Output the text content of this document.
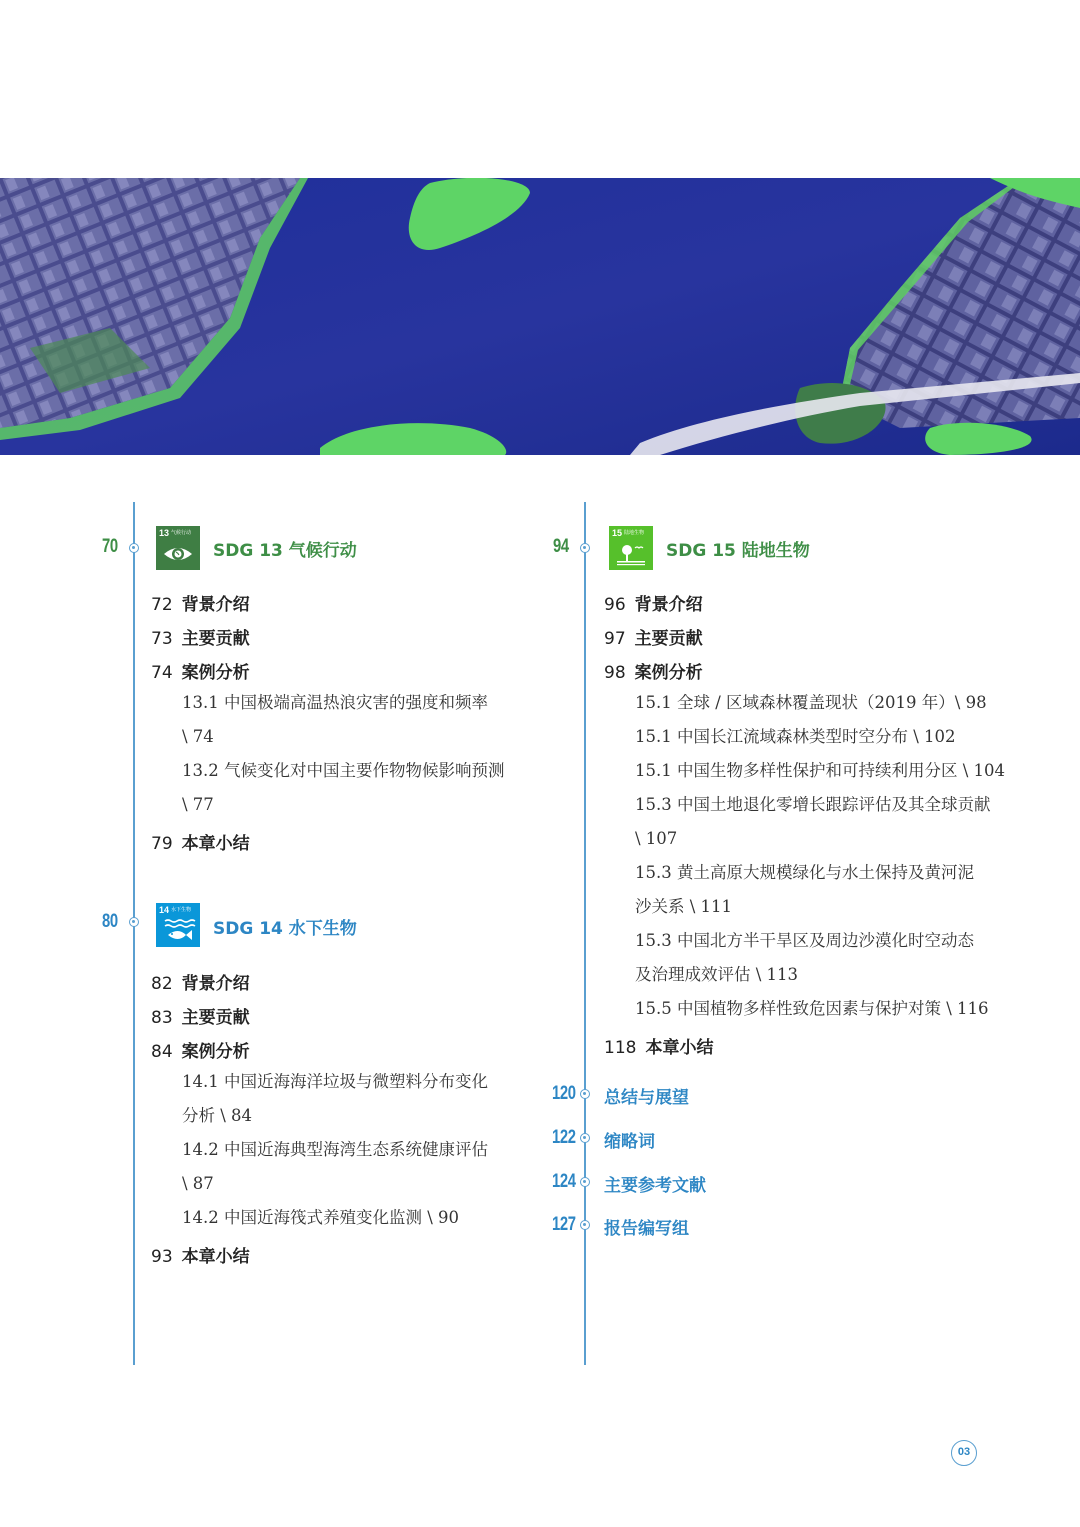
70
13 气候行动
SDG 13 气候行动
72 背景介绍
73 主要贡献
74 案例分析
13.1 中国极端高温热浪灾害的强度和频率
\ 74
13.2 气候变化对中国主要作物物候影响预测
\ 77
79 本章小结
80
14 水下生物
SDG 14 水下生物
82 背景介绍
83 主要贡献
84 案例分析
14.1 中国近海海洋垃圾与微塑料分布变化
分析 \ 84
14.2 中国近海典型海湾生态系统健康评估
\ 87
14.2 中国近海筏式养殖变化监测 \ 90
93 本章小结
94
15 陆地生物
SDG 15 陆地生物
96 背景介绍
97 主要贡献
98 案例分析
15.1 全球 / 区域森林覆盖现状（2019 年）\ 98
15.1 中国长江流域森林类型时空分布 \ 102
15.1 中国生物多样性保护和可持续利用分区 \ 104
15.3 中国土地退化零增长跟踪评估及其全球贡献
\ 107
15.3 黄土高原大规模绿化与水土保持及黄河泥
沙关系 \ 111
15.3 中国北方半干旱区及周边沙漠化时空动态
及治理成效评估 \ 113
15.5 中国植物多样性致危因素与保护对策 \ 116
118 本章小结
120 总结与展望
122 缩略词
124 主要参考文献
127 报告编写组
03
